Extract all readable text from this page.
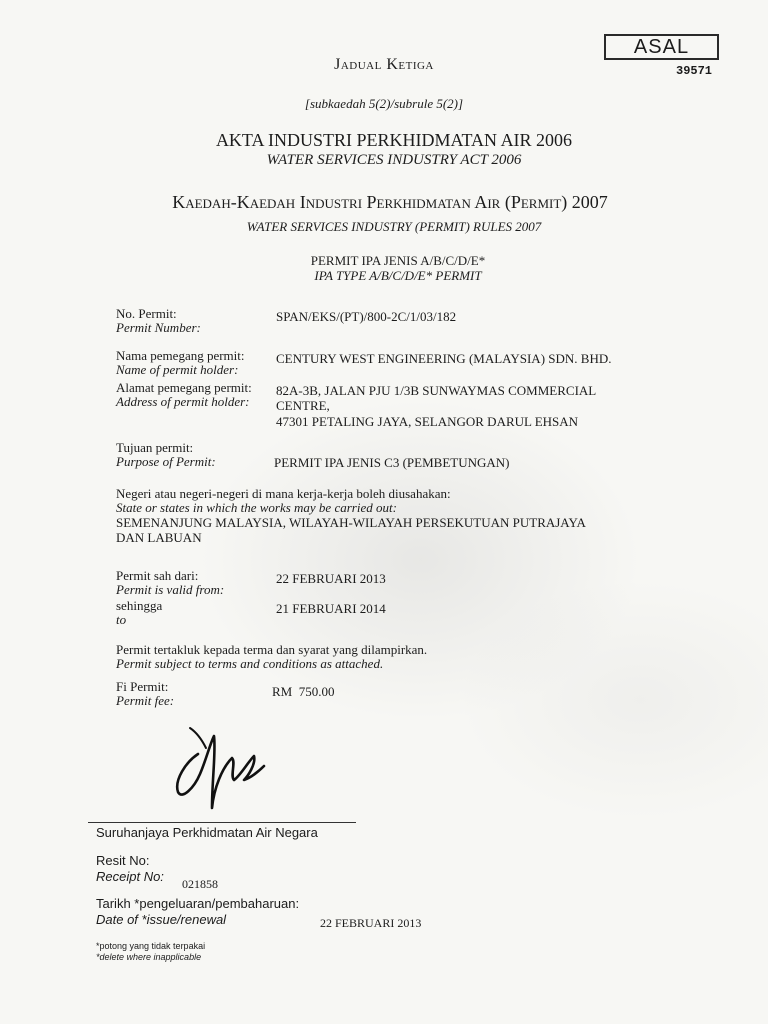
ASAL
39571
Jadual Ketiga
[subkaedah 5(2)/subrule 5(2)]
AKTA INDUSTRI PERKHIDMATAN AIR 2006
WATER SERVICES INDUSTRY ACT 2006
Kaedah-Kaedah Industri Perkhidmatan Air (Permit) 2007
WATER SERVICES INDUSTRY (PERMIT) RULES 2007
PERMIT IPA JENIS A/B/C/D/E*
IPA TYPE A/B/C/D/E* PERMIT
No. Permit:
Permit Number:
SPAN/EKS/(PT)/800-2C/1/03/182
Nama pemegang permit:
Name of permit holder:
CENTURY WEST ENGINEERING (MALAYSIA) SDN. BHD.
Alamat pemegang permit:
Address of permit holder:
82A-3B, JALAN PJU 1/3B SUNWAYMAS COMMERCIAL
CENTRE,
47301 PETALING JAYA, SELANGOR DARUL EHSAN
Tujuan permit:
Purpose of Permit:	PERMIT IPA JENIS C3 (PEMBETUNGAN)
Negeri atau negeri-negeri di mana kerja-kerja boleh diusahakan:
State or states in which the works may be carried out:
SEMENANJUNG MALAYSIA, WILAYAH-WILAYAH PERSEKUTUAN PUTRAJAYA
DAN LABUAN
Permit sah dari:
Permit is valid from:
22 FEBRUARI 2013
sehingga
to
21 FEBRUARI 2014
Permit tertakluk kepada terma dan syarat yang dilampirkan.
Permit subject to terms and conditions as attached.
Fi Permit:
Permit fee:
RM 750.00
Suruhanjaya Perkhidmatan Air Negara
Resit No:
Receipt No: 021858
Tarikh *pengeluaran/pembaharuan:
Date of *issue/renewal	22 FEBRUARI 2013
*potong yang tidak terpakai
*delete where inapplicable
